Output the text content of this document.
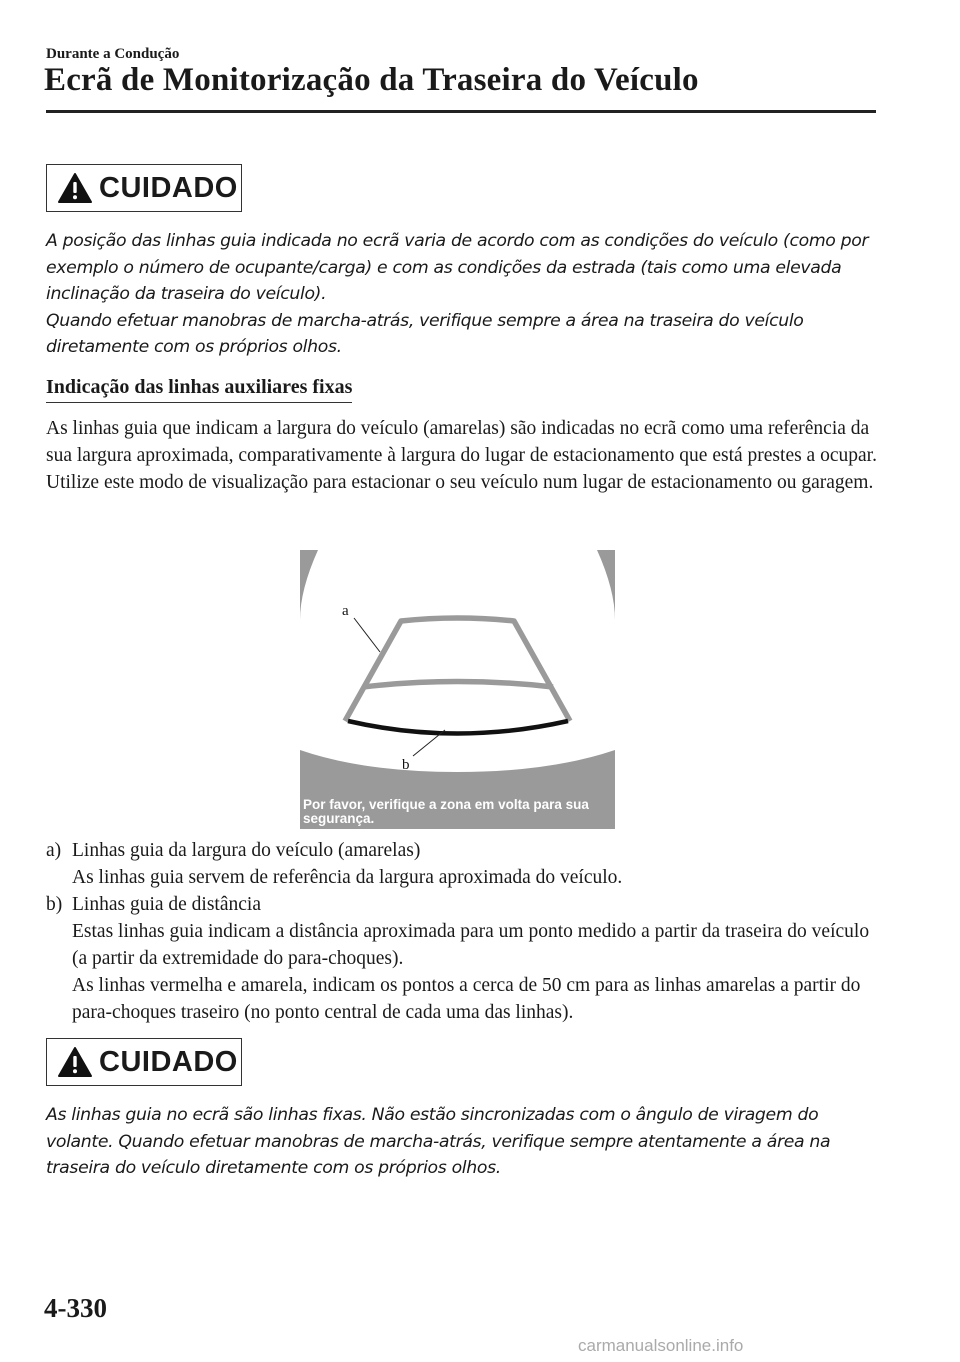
Durante a Condução
Ecrã de Monitorização da Traseira do Veículo
CUIDADO

A posição das linhas guia indicada no ecrã varia de acordo com as condições do veículo (como por exemplo o número de ocupante/carga) e com as condições da estrada (tais como uma elevada inclinação da traseira do veículo).

Quando efetuar manobras de marcha-atrás, verifique sempre a área na traseira do veículo diretamente com os próprios olhos.

Indicação das linhas auxiliares fixas

As linhas guia que indicam a largura do veículo (amarelas) são indicadas no ecrã como uma referência da sua largura aproximada, comparativamente à largura do lugar de estacionamento que está prestes a ocupar.

Utilize este modo de visualização para estacionar o seu veículo num lugar de estacionamento ou garagem.

a
b
Por favor, verifique a zona em volta para sua
segurança.
a) Linhas guia da largura do veículo (amarelas)
As linhas guia servem de referência da largura aproximada do veículo.
b) Linhas guia de distância
Estas linhas guia indicam a distância aproximada para um ponto medido a partir da traseira do veículo (a partir da extremidade do para-choques).
As linhas vermelha e amarela, indicam os pontos a cerca de 50 cm para as linhas amarelas a partir do para-choques traseiro (no ponto central de cada uma das linhas).
CUIDADO

As linhas guia no ecrã são linhas fixas. Não estão sincronizadas com o ângulo de viragem do volante. Quando efetuar manobras de marcha-atrás, verifique sempre atentamente a área na traseira do veículo diretamente com os próprios olhos.

4-330
carmanualsonline.info
